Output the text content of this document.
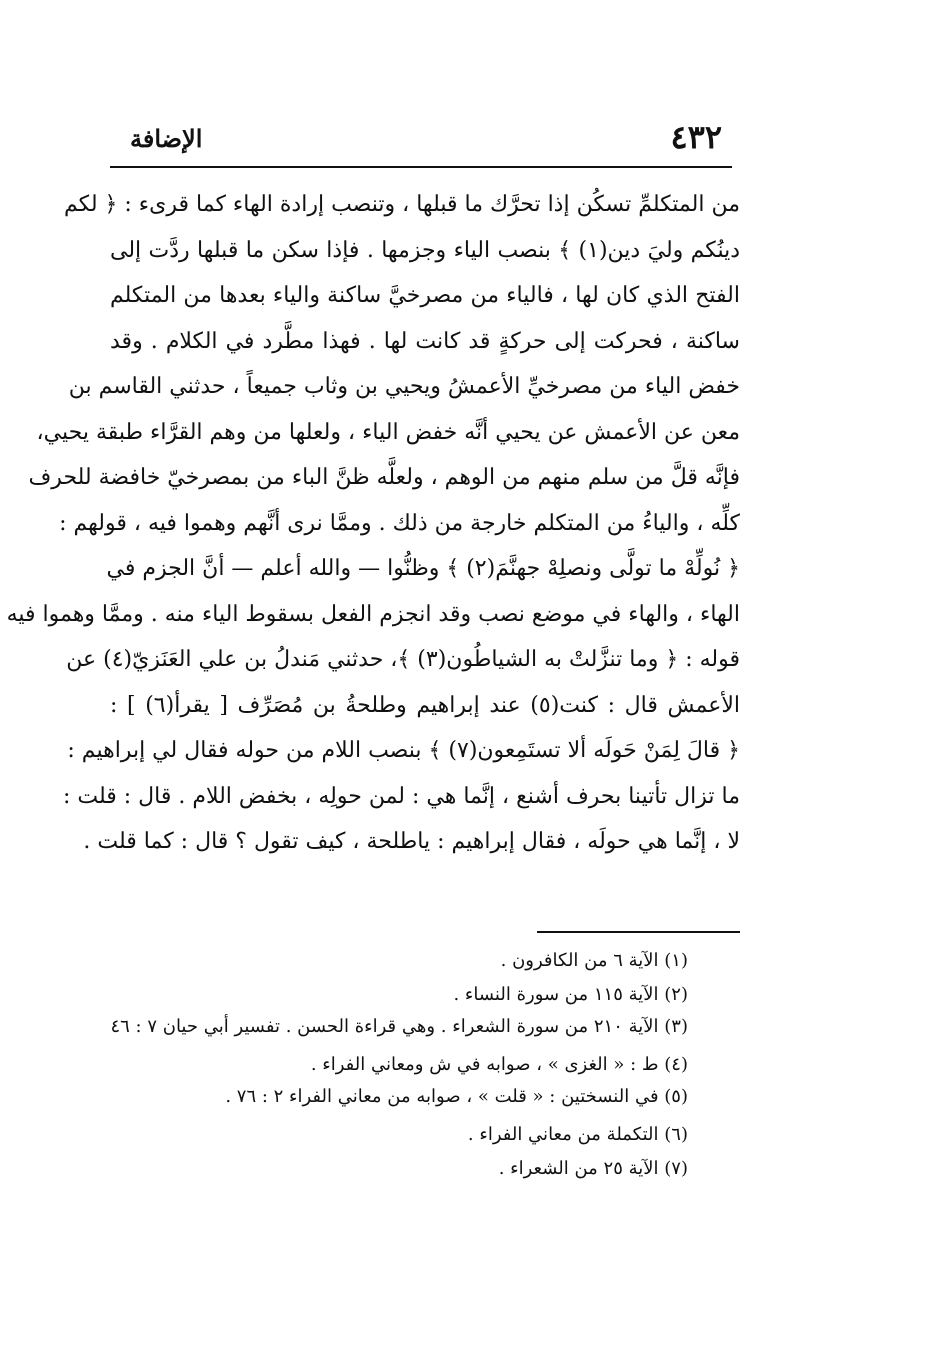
٤٣٢
الإضافة
من المتكلمِّ تسكُن إذا تحرَّك ما قبلها ، وتنصب إرادة الهاء كما قرىء : ﴿ لكم
دينُكم وليَ دين(١) ﴾ بنصب الياء وجزمها . فإذا سكن ما قبلها ردَّت إلى
الفتح الذي كان لها ، فالياء من مصرخيَّ ساكنة والياء بعدها من المتكلم
ساكنة ، فحركت إلى حركةٍ قد كانت لها . فهذا مطَّرد في الكلام . وقد
خفض الياء من مصرخيِّ الأعمشُ ويحيي بن وثاب جميعاً ، حدثني القاسم بن
معن عن الأعمش عن يحيي أنَّه خفض الياء ، ولعلها من وهم القرَّاء طبقة يحيي،
فإنَّه قلَّ من سلم منهم من الوهم ، ولعلَّه ظنَّ الباء من بمصرخيّ خافضة للحرف
كلِّه ، والياءُ من المتكلم خارجة من ذلك . وممَّا نرى أنَّهم وهموا فيه ، قولهم :
﴿ نُولِّهْ ما تولَّى ونصلِهْ جهنَّمَ(٢) ﴾ وظنُّوا — والله أعلم — أنَّ الجزم في
الهاء ، والهاء في موضع نصب وقد انجزم الفعل بسقوط الياء منه . وممَّا وهموا فيه
قوله : ﴿ وما تنزَّلتْ به الشياطُون(٣) ﴾، حدثني مَندلُ بن علي العَنَزيّ(٤) عن
الأعمش قال : كنت(٥) عند إبراهيم وطلحةُ بن مُصَرِّف [ يقرأ(٦) ] :
﴿ قالَ لِمَنْ حَولَه ألا تستَمِعون(٧) ﴾ بنصب اللام من حوله فقال لي إبراهيم :
ما تزال تأتينا بحرف أشنع ، إنَّما هي : لمن حولِه ، بخفض اللام . قال : قلت :
لا ، إنَّما هي حولَه ، فقال إبراهيم : ياطلحة ، كيف تقول ؟ قال : كما قلت .
(١) الآية ٦ من الكافرون .
(٢) الآية ١١٥ من سورة النساء .
(٣) الآية ٢١٠ من سورة الشعراء . وهي قراءة الحسن . تفسير أبي حيان ٧ : ٤٦
(٤) ط : « الغزى » ، صوابه في ش ومعاني الفراء .
(٥) في النسختين : « قلت » ، صوابه من معاني الفراء ٢ : ٧٦ .
(٦) التكملة من معاني الفراء .
(٧) الآية ٢٥ من الشعراء .
